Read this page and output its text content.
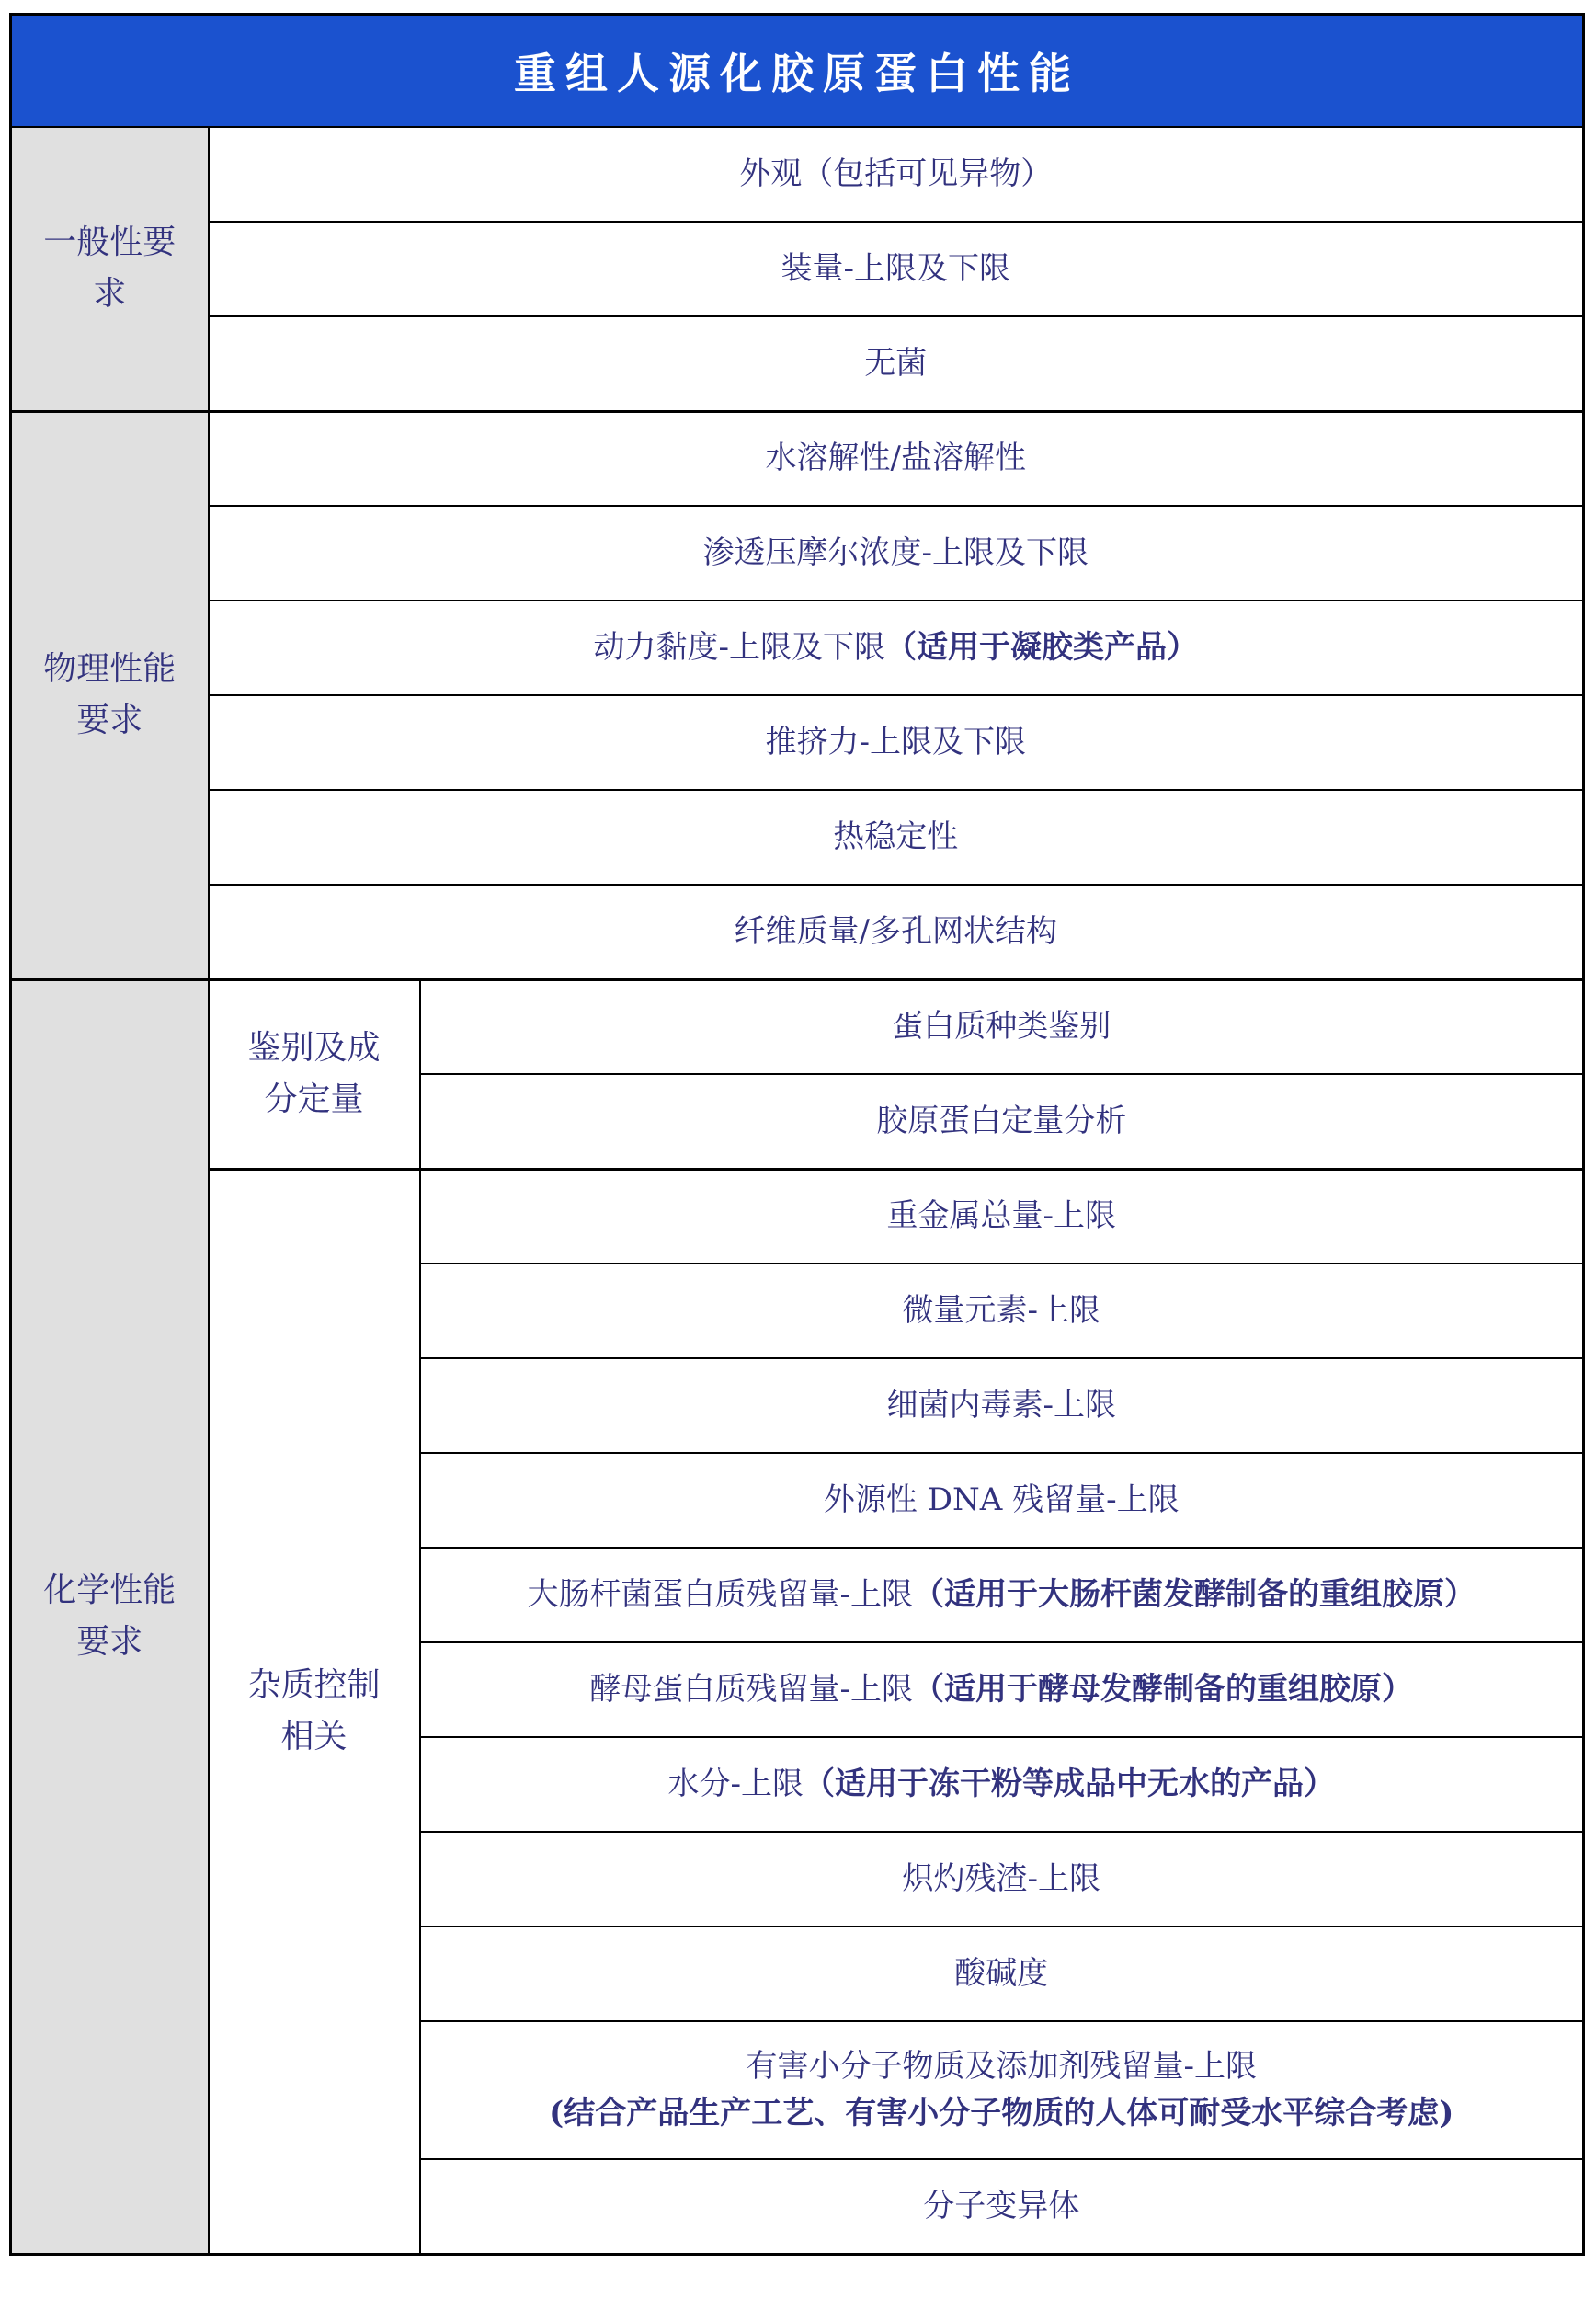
重组人源化胶原蛋白性能		
一般性要求	外观（包括可见异物）	
	装量-上限及下限	
	无菌	
物理性能要求	水溶解性/盐溶解性	
	渗透压摩尔浓度-上限及下限	
	动力黏度-上限及下限（适用于凝胶类产品）	
	推挤力-上限及下限	
	热稳定性	
	纤维质量/多孔网状结构	
化学性能要求	鉴别及成分定量	蛋白质种类鉴别
		胶原蛋白定量分析
	杂质控制相关	重金属总量-上限
		微量元素-上限
		细菌内毒素-上限
		外源性 DNA 残留量-上限
		大肠杆菌蛋白质残留量-上限（适用于大肠杆菌发酵制备的重组胶原）
		酵母蛋白质残留量-上限（适用于酵母发酵制备的重组胶原）
		水分-上限（适用于冻干粉等成品中无水的产品）
		炽灼残渣-上限
		酸碱度

		有害小分子物质及添加剂残留量-上限
(结合产品生产工艺、有害小分子物质的人体可耐受水平综合考虑)

		分子变异体
